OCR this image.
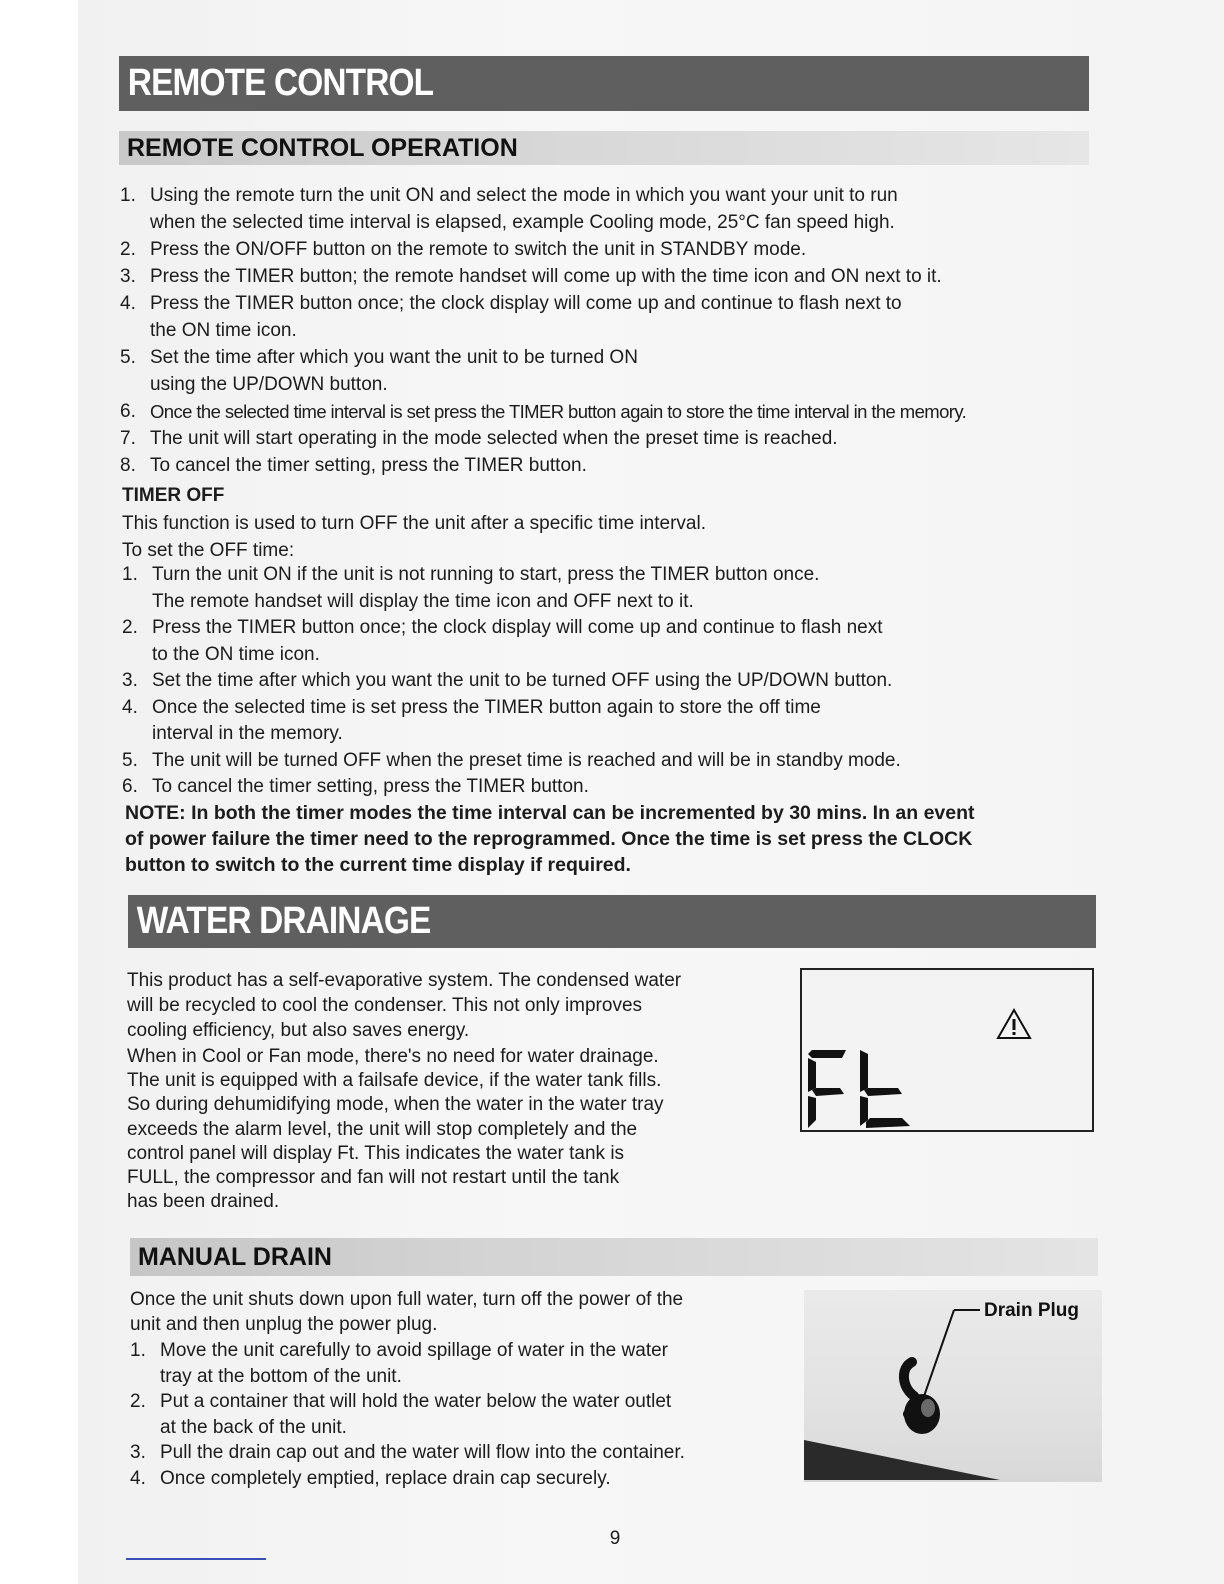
REMOTE CONTROL
REMOTE CONTROL OPERATION
1. Using the remote turn the unit ON and select the mode in which you want your unit to run
when the selected time interval is elapsed, example Cooling mode, 25°C fan speed high.
2. Press the ON/OFF button on the remote to switch the unit in STANDBY mode.
3. Press the TIMER button; the remote handset will come up with the time icon and ON next to it.
4. Press the TIMER button once; the clock display will come up and continue to flash next to
the ON time icon.
5. Set the time after which you want the unit to be turned ON
using the UP/DOWN button.
6. Once the selected time interval is set press the TIMER button again to store the time interval in the memory.
7. The unit will start operating in the mode selected when the preset time is reached.
8. To cancel the timer setting, press the TIMER button.
TIMER OFF
This function is used to turn OFF the unit after a specific time interval.
To set the OFF time:
1. Turn the unit ON if the unit is not running to start, press the TIMER button once.
The remote handset will display the time icon and OFF next to it.
2. Press the TIMER button once; the clock display will come up and continue to flash next
to the ON time icon.
3. Set the time after which you want the unit to be turned OFF using the UP/DOWN button.
4. Once the selected time is set press the TIMER button again to store the off time
interval in the memory.
5. The unit will be turned OFF when the preset time is reached and will be in standby mode.
6. To cancel the timer setting, press the TIMER button.
NOTE: In both the timer modes the time interval can be incremented by 30 mins. In an event
of power failure the timer need to the reprogrammed. Once the time is set press the CLOCK
button to switch to the current time display if required.
WATER DRAINAGE
This product has a self-evaporative system. The condensed water
will be recycled to cool the condenser. This not only improves
cooling efficiency, but also saves energy.
When in Cool or Fan mode, there's no need for water drainage.
The unit is equipped with a failsafe device, if the water tank fills.
So during dehumidifying mode, when the water in the water tray
exceeds the alarm level, the unit will stop completely and the
control panel will display Ft. This indicates the water tank is
FULL, the compressor and fan will not restart until the tank
has been drained.
MANUAL DRAIN
Once the unit shuts down upon full water, turn off the power of the
unit and then unplug the power plug.
1. Move the unit carefully to avoid spillage of water in the water
tray at the bottom of the unit.
2. Put a container that will hold the water below the water outlet
at the back of the unit.
3. Pull the drain cap out and the water will flow into the container.
4. Once completely emptied, replace drain cap securely.
Drain Plug
9
